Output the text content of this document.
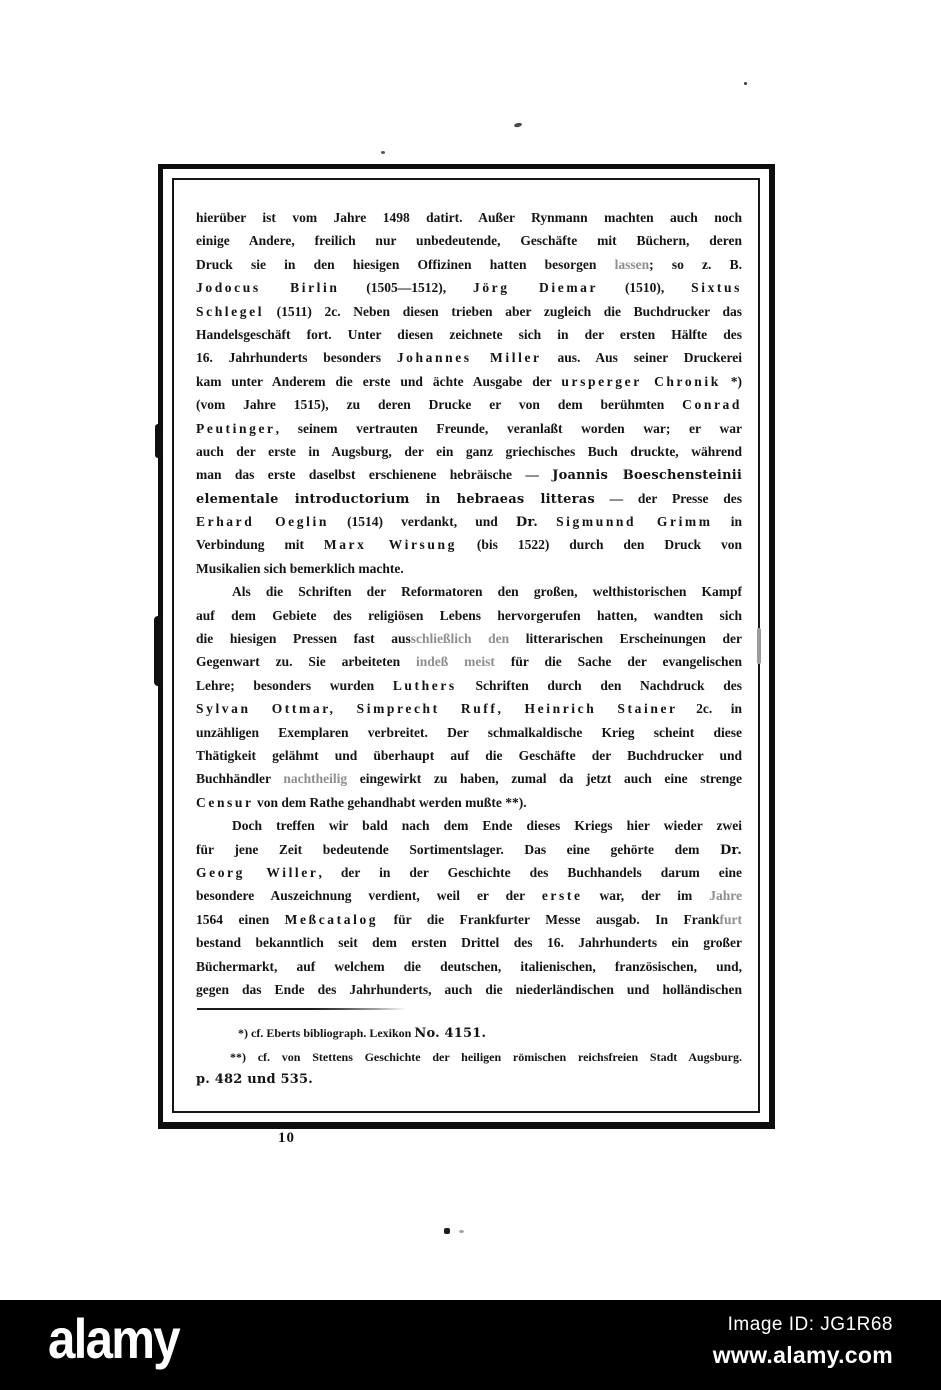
hierüber ist vom Jahre 1498 datirt. Außer Rynmann machten auch noch
einige Andere, freilich nur unbedeutende, Geschäfte mit Büchern, deren
Druck sie in den hiesigen Offizinen hatten besorgen lassen; so z. B.
Jodocus Birlin (1505—1512), Jörg Diemar (1510), Sixtus
Schlegel (1511) 2c. Neben diesen trieben aber zugleich die Buchdrucker das
Handelsgeschäft fort. Unter diesen zeichnete sich in der ersten Hälfte des
16. Jahrhunderts besonders Johannes Miller aus. Aus seiner Druckerei
kam unter Anderem die erste und ächte Ausgabe der ursperger Chronik *)
(vom Jahre 1515), zu deren Drucke er von dem berühmten Conrad
Peutinger, seinem vertrauten Freunde, veranlaßt worden war; er war
auch der erste in Augsburg, der ein ganz griechisches Buch druckte, während
man das erste daselbst erschienene hebräische — Joannis Boeschensteinii
elementale introductorium in hebraeas litteras — der Presse des
Erhard Oeglin (1514) verdankt, und Dr. Sigmunnd Grimm in
Verbindung mit Marx Wirsung (bis 1522) durch den Druck von
Musikalien sich bemerklich machte.
Als die Schriften der Reformatoren den großen, welthistorischen Kampf
auf dem Gebiete des religiösen Lebens hervorgerufen hatten, wandten sich
die hiesigen Pressen fast ausschließlich den litterarischen Erscheinungen der
Gegenwart zu. Sie arbeiteten indeß meist für die Sache der evangelischen
Lehre; besonders wurden Luthers Schriften durch den Nachdruck des
Sylvan Ottmar, Simprecht Ruff, Heinrich Stainer 2c. in
unzähligen Exemplaren verbreitet. Der schmalkaldische Krieg scheint diese
Thätigkeit gelähmt und überhaupt auf die Geschäfte der Buchdrucker und
Buchhändler nachtheilig eingewirkt zu haben, zumal da jetzt auch eine strenge
Censur von dem Rathe gehandhabt werden mußte **).
Doch treffen wir bald nach dem Ende dieses Kriegs hier wieder zwei
für jene Zeit bedeutende Sortimentslager. Das eine gehörte dem Dr.
Georg Willer, der in der Geschichte des Buchhandels darum eine
besondere Auszeichnung verdient, weil er der erste war, der im Jahre
1564 einen Meßcatalog für die Frankfurter Messe ausgab. In Frankfurt
bestand bekanntlich seit dem ersten Drittel des 16. Jahrhunderts ein großer
Büchermarkt, auf welchem die deutschen, italienischen, französischen, und,
gegen das Ende des Jahrhunderts, auch die niederländischen und holländischen
*) cf. Eberts bibliograph. Lexikon No. 4151.
**) cf. von Stettens Geschichte der heiligen römischen reichsfreien Stadt Augsburg.
p. 482 und 535.
10
alamy	Image ID: JG1R68
www.alamy.com
